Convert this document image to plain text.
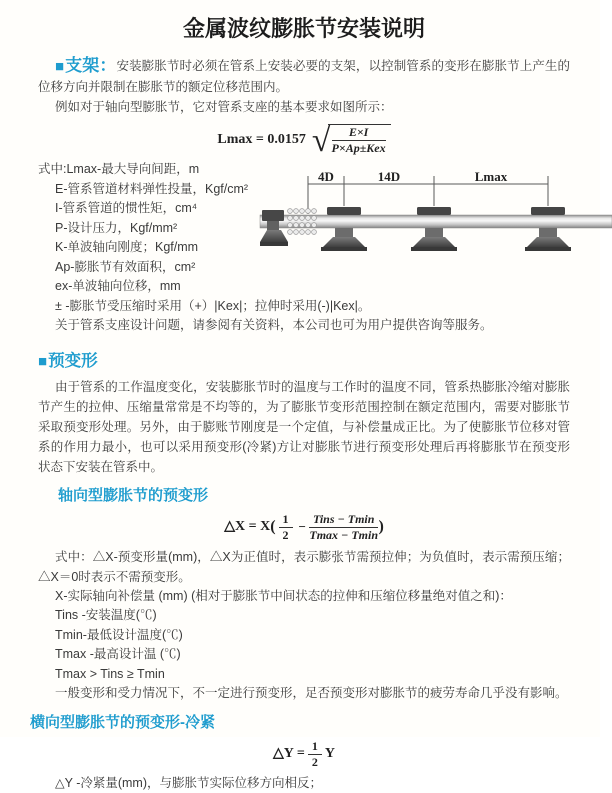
金属波纹膨胀节安装说明

■支架：安装膨胀节时必须在管系上安装必要的支架，以控制管系的变形在膨胀节上产生的位移方向并限制在膨胀节的额定位移范围内。

例如对于轴向型膨胀节，它对管系支座的基本要求如图所示：

Lmax = 0.0157 √ $\frac{E\times I}{\text{P×Ap±Kex}}$
式中:Lmax-最大导向间距，m
E-管系管道材料弹性投量，Kgf/cm²
I-管系管道的惯性矩，cm⁴
P-设计压力，Kgf/mm²
K-单波轴向刚度；Kgf/mm
Ap-膨胀节有效面积，cm²
ex-单波轴向位移，mm
4D	14D	Lmax
± -膨胀节受压缩时采用（+）|Kex|；拉伸时采用(-)|Kex|。
关于管系支座设计问题，请参阅有关资料，本公司也可为用户提供咨询等服务。
■预变形

由于管系的工作温度变化，安装膨胀节时的温度与工作时的温度不同，管系热膨胀冷缩对膨胀节产生的拉伸、压缩量常常是不均等的，为了膨胀节变形范围控制在额定范围内，需要对膨胀节采取预变形处理。另外，由于膨账节刚度是一个定值，与补偿量成正比。为了使膨胀节位移对管系的作用力最小，也可以采用预变形(冷紧)方让对膨胀节进行预变形处理后再将膨胀节在预变形状态下安装在管系中。

轴向型膨胀节的预变形
△X = X ( $\frac{1}{2} - \frac{\text{Tins − Tmin}}{Tmax - Tmin}$ )

式中：△X-预变形量(mm)，△X为正值时，表示膨张节需预拉伸；为负值时，表示需预压缩；△X＝0时表示不需预变形。

X-实际轴向补偿量 (mm) (相对于膨胀节中间状态的拉伸和压缩位移量绝对值之和)：
Tins -安装温度(℃)
Tmin-最低设计温度(℃)
Tmax -最高设计温 (℃)
Tmax > Tins ≥ Tmin
一般变形和受力情况下，不一定进行预变形，足否预变形对膨胀节的疲劳寿命几乎没有影响。
横向型膨胀节的预变形-冷紧
△Y = $\frac{1}{2}$ Y
△Y -冷紧量(mm)，与膨胀节实际位移方向相反；
